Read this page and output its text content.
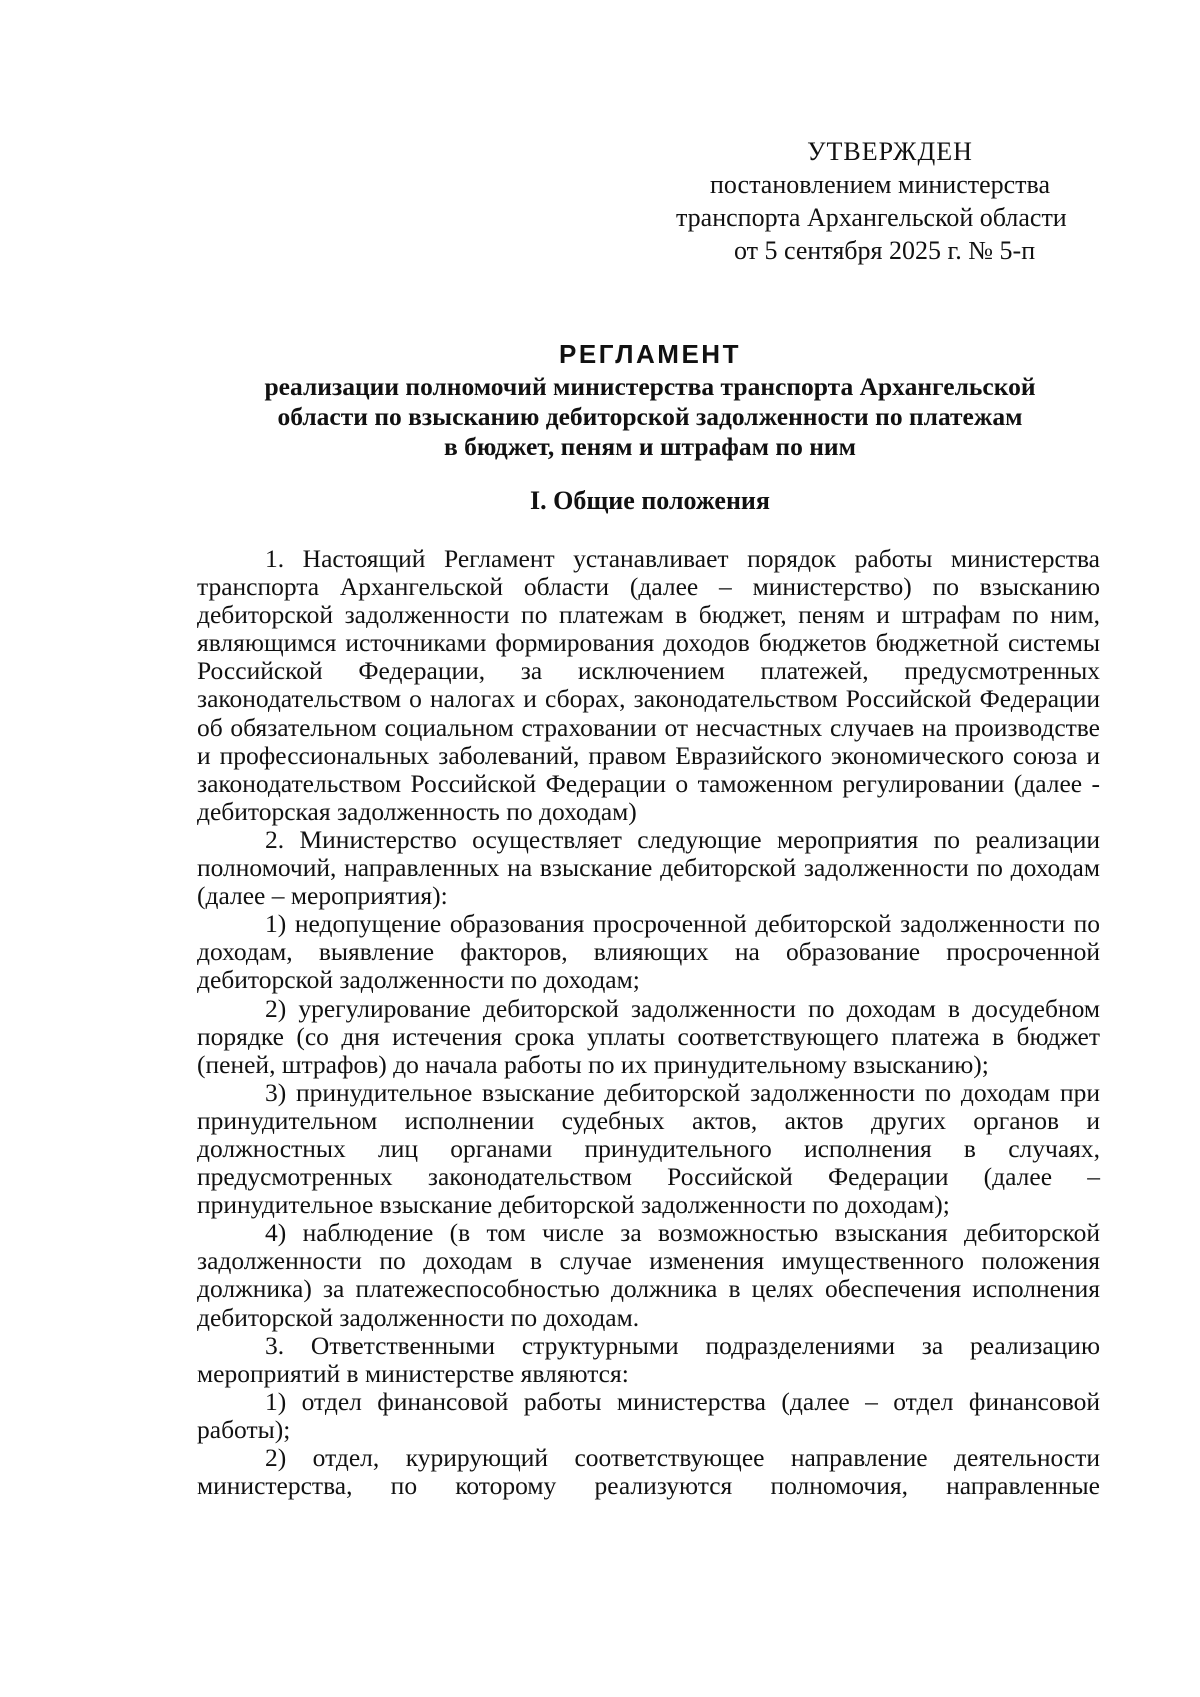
УТВЕРЖДЕН
постановлением министерства
транспорта Архангельской области
от 5 сентября 2025 г. № 5-п
РЕГЛАМЕНТ
реализации полномочий министерства транспорта Архангельской
области по взысканию дебиторской задолженности по платежам
в бюджет, пеням и штрафам по ним
I. Общие положения

1. Настоящий Регламент устанавливает порядок работы министерства транспорта Архангельской области (далее – министерство) по взысканию дебиторской задолженности по платежам в бюджет, пеням и штрафам по ним, являющимся источниками формирования доходов бюджетов бюджетной системы Российской Федерации, за исключением платежей, предусмотренных законодательством о налогах и сборах, законодательством Российской Федерации об обязательном социальном страховании от несчастных случаев на производстве и профессиональных заболеваний, правом Евразийского экономического союза и законодательством Российской Федерации о таможенном регулировании (далее - дебиторская задолженность по доходам)

2. Министерство осуществляет следующие мероприятия по реализации полномочий, направленных на взыскание дебиторской задолженности по доходам (далее – мероприятия):

1) недопущение образования просроченной дебиторской задолженности по доходам, выявление факторов, влияющих на образование просроченной дебиторской задолженности по доходам;

2) урегулирование дебиторской задолженности по доходам в досудебном порядке (со дня истечения срока уплаты соответствующего платежа в бюджет (пеней, штрафов) до начала работы по их принудительному взысканию);

3) принудительное взыскание дебиторской задолженности по доходам при принудительном исполнении судебных актов, актов других органов и должностных лиц органами принудительного исполнения в случаях, предусмотренных законодательством Российской Федерации (далее – принудительное взыскание дебиторской задолженности по доходам);

4) наблюдение (в том числе за возможностью взыскания дебиторской задолженности по доходам в случае изменения имущественного положения должника) за платежеспособностью должника в целях обеспечения исполнения дебиторской задолженности по доходам.

3. Ответственными структурными подразделениями за реализацию мероприятий в министерстве являются:

1) отдел финансовой работы министерства (далее – отдел финансовой работы);

2) отдел, курирующий соответствующее направление деятельности министерства, по которому реализуются полномочия, направленные
